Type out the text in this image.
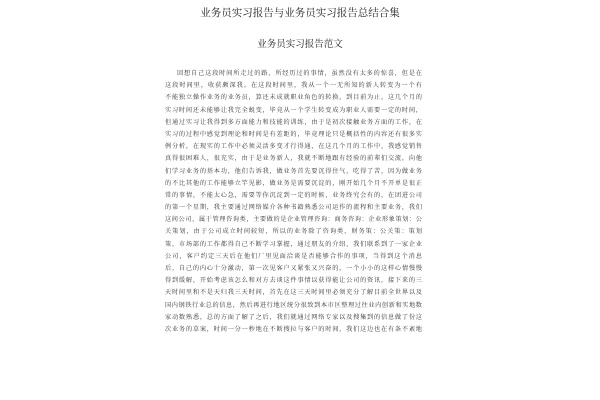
业务员实习报告与业务员实习报告总结合集
业务员实习报告范文
回想自己这段时间所走过的路，所经历过的事情，虽然没有太多的惊喜，但是在
这段时间里，收获颇深我。在这段时间里，我从一个一无所知的新人转变为一个有
不能独立操作业务的业务员，算还未成就职业角色的转换，到目前为止，这几个月的
实习时间还未能够让我完全蜕变，毕竟从一个学生转变成为职业人需要一定的时间，
但通过实习让我得到多方面能力和技能的训练，由于是初次接触业务方面的工作，在
实习的过程中感觉到理论和时间是有差距的，毕竟理论只是概括性的内容还有很多实
例分析，在现实的工作中必须灵活多变才行得通，在这几个月的工作中，我感觉销售
真得很困难人，很充实，由于是业务新人，我就不断地跟有经验的前辈们交流，向他
们学习业务的基本功，他们告诉我，做业务首先要沉得住气，吃得了苦，因为做业务
的不比其他的工作能够立竿见影，做业务是需要沉淀的，刚开始几个月不开单是很正
常的事情，不能太心急，需要等你沉淀到一定的时候，业务终究会有的，在团进公司
的第一个星期，我主要通过网络媒介各种书籍熟悉公司运作的流程和主要业务，我们
这间公司，属于管理咨询类，主要做的是企业管理咨询：商务咨询：企业形象策划：公
关策划，由于公司成立时间较短，所以的业务除了咨询类，财务策：公关策：策划
策，市场部的工作都得自己不断学习掌握，通过朋友的介绍，我们联系到了一家企业
公司，客户约定三天后在他们厂里见面洽谈是否能够合作的事项，当得到这个消息
后，自己的内心十分激动，第一次见客户又紧张又兴奋的，一个小小的这样心情慢慢
得到缓解，开始考虑该怎么和对方去谈这件事情以获得能让公司的资讯，接下来的三
天时间里和不是天归我三天时间，首先在这三天时间里必须充分了解目前全世界以及
国内钢铁行业总的信息，然后再进行地区统分很致到本市区整理过往业内创新和实地数
家动数熟悉，总的方面了解了之后，我们就通过网络专家以及搜集到的信息做了份这
次业务的草案，时间一分一秒地在不断搜拉与客户的时间，我们这边也在有条不紊地
